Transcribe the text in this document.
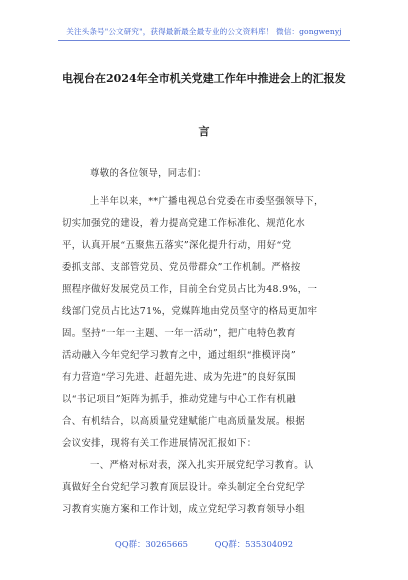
关注头条号"公文研究"，获得最新最全最专业的公文资料库！ 微信：gongwenyj
电视台在2024年全市机关党建工作年中推进会上的汇报发
言
尊敬的各位领导，同志们：
上半年以来，**广播电视总台党委在市委坚强领导下，
切实加强党的建设，着力提高党建工作标准化、规范化水
平，认真开展“五聚焦五落实”深化提升行动，用好“党
委抓支部、支部管党员、党员带群众”工作机制。严格按
照程序做好发展党员工作，目前全台党员占比为48.9%，一
线部门党员占比达71%，党媒阵地由党员坚守的格局更加牢
固。坚持“一年一主题、一年一活动”，把广电特色教育
活动融入今年党纪学习教育之中，通过组织“推模评岗”
有力营造“学习先进、赶超先进、成为先进”的良好氛围
以“书记项目”矩阵为抓手，推动党建与中心工作有机融
合、有机结合，以高质量党建赋能广电高质量发展。根据
会议安排，现将有关工作进展情况汇报如下：
一、严格对标对表，深入扎实开展党纪学习教育。认
真做好全台党纪学习教育顶层设计。牵头制定全台党纪学
习教育实施方案和工作计划，成立党纪学习教育领导小组
QQ群：30265665	QQ群：535304092
